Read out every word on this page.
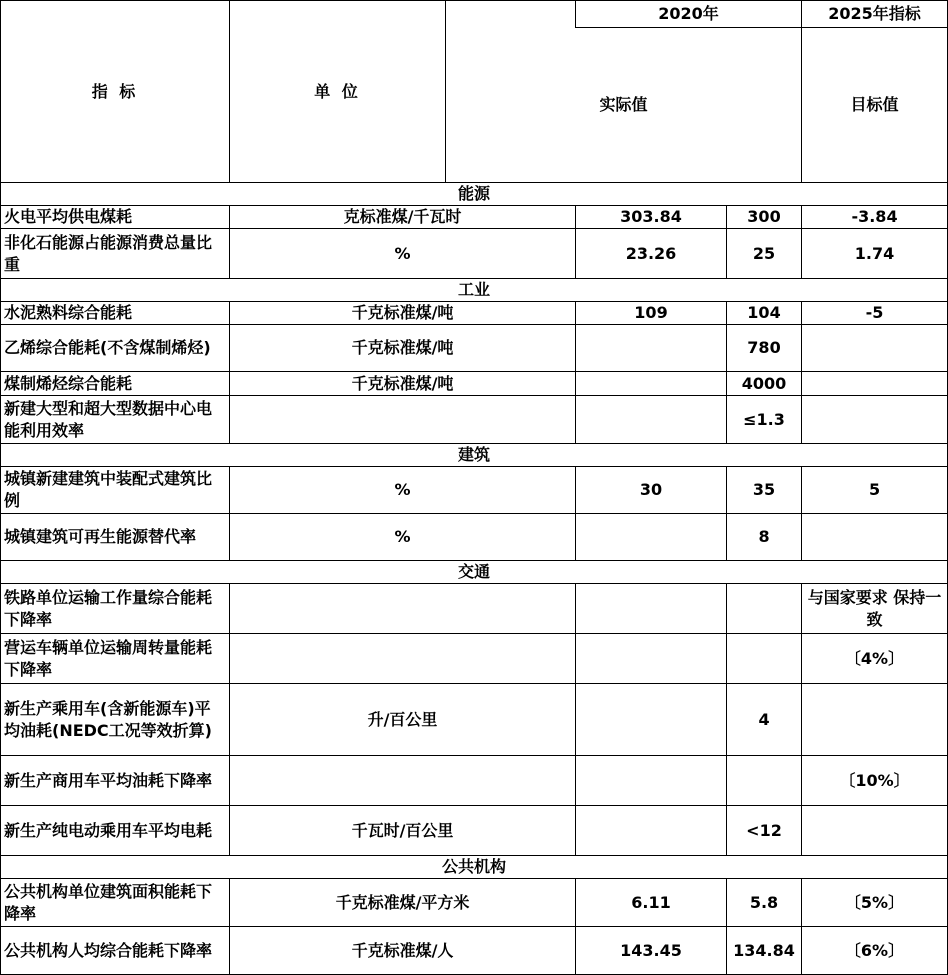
指 标	单 位		2020年		2025年指标	
		实际值			目标值	
能源						
火电平均供电煤耗	克标准煤/千瓦时		303.84	300	-3.84	
非化石能源占能源消费总量比重	%		23.26	25	1.74	
工业						
水泥熟料综合能耗	千克标准煤/吨		109	104	-5	
乙烯综合能耗(不含煤制烯烃)	千克标准煤/吨			780		
煤制烯烃综合能耗	千克标准煤/吨			4000		
新建大型和超大型数据中心电能利用效率				≤1.3		
建筑						
城镇新建建筑中装配式建筑比例	%		30	35	5	
城镇建筑可再生能源替代率	%			8		
交通						
铁路单位运输工作量综合能耗下降率					与国家要求 保持一致	
营运车辆单位运输周转量能耗下降率					〔4%〕	
新生产乘用车(含新能源车)平均油耗(NEDC工况等效折算)	升/百公里			4		
新生产商用车平均油耗下降率					〔10%〕	
新生产纯电动乘用车平均电耗	千瓦时/百公里			<12		
公共机构						
公共机构单位建筑面积能耗下降率	千克标准煤/平方米		6.11	5.8	〔5%〕	
公共机构人均综合能耗下降率	千克标准煤/人		143.45	134.84	〔6%〕	
